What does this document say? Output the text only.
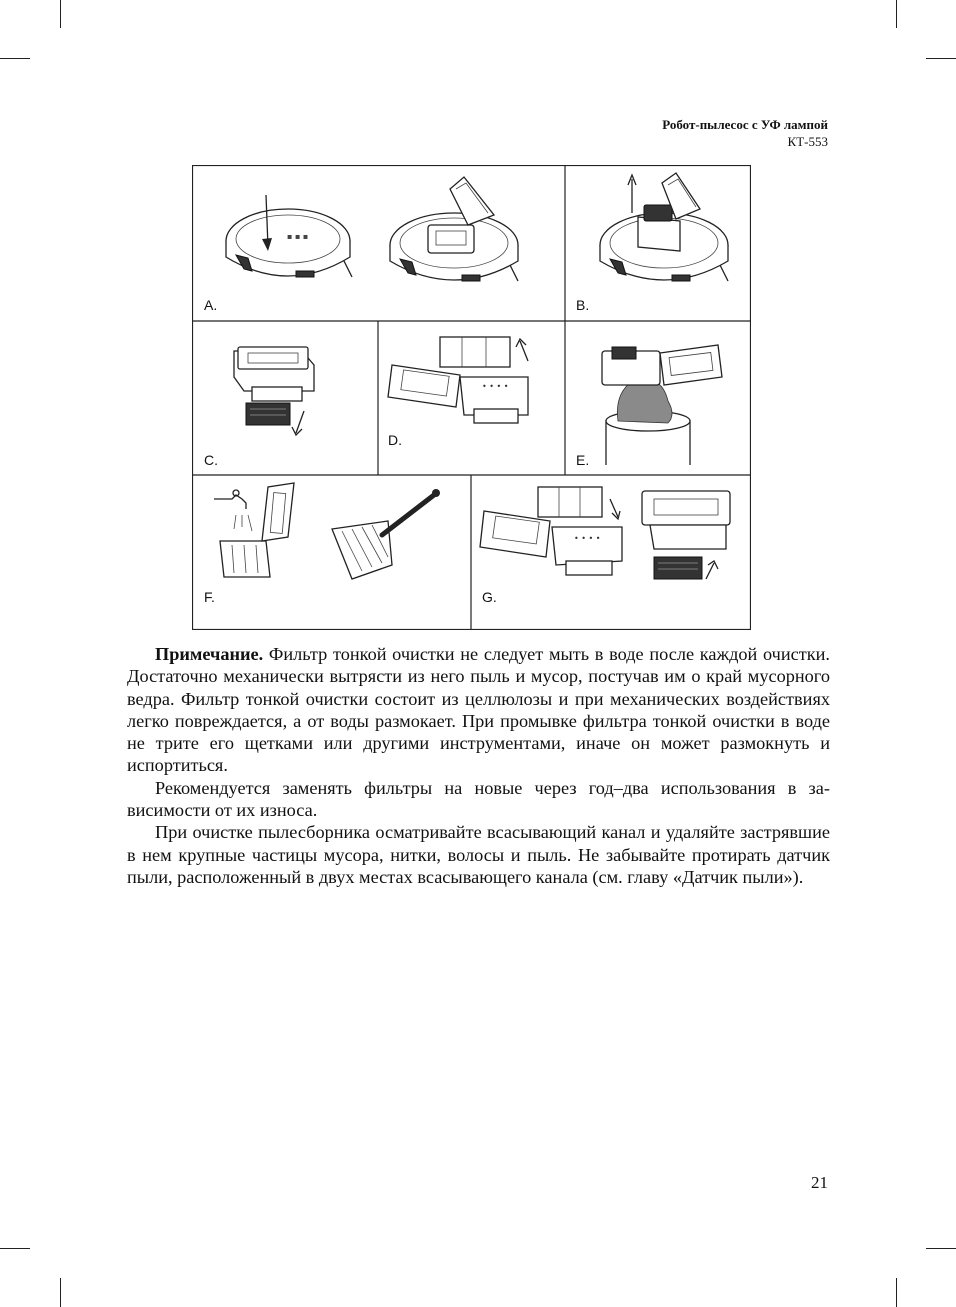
Робот-пылесос с УФ лампой
КТ-553
▪ ▪ ▪
A.	B.
C.
• • • •
D.
E.
F.
• • • •
G.

Примечание. Фильтр тонкой очистки не следует мыть в воде после каждой очистки. Достаточно механически вытрясти из него пыль и мусор, постучав им о край мусорного ведра. Фильтр тонкой очистки состоит из целлюлозы и при механических воздействиях легко повреждается, а от воды размокает. При промывке фильтра тонкой очистки в воде не трите его щетками или другими инструментами, иначе он может размокнуть и испортиться.

Рекомендуется заменять фильтры на новые через год–два использования в зависимости от их износа.

При очистке пылесборника осматривайте всасывающий канал и удаляйте застрявшие в нем крупные частицы мусора, нитки, волосы и пыль. Не забывайте протирать датчик пыли, расположенный в двух местах всасывающего канала (см. главу «Датчик пыли»).

21
